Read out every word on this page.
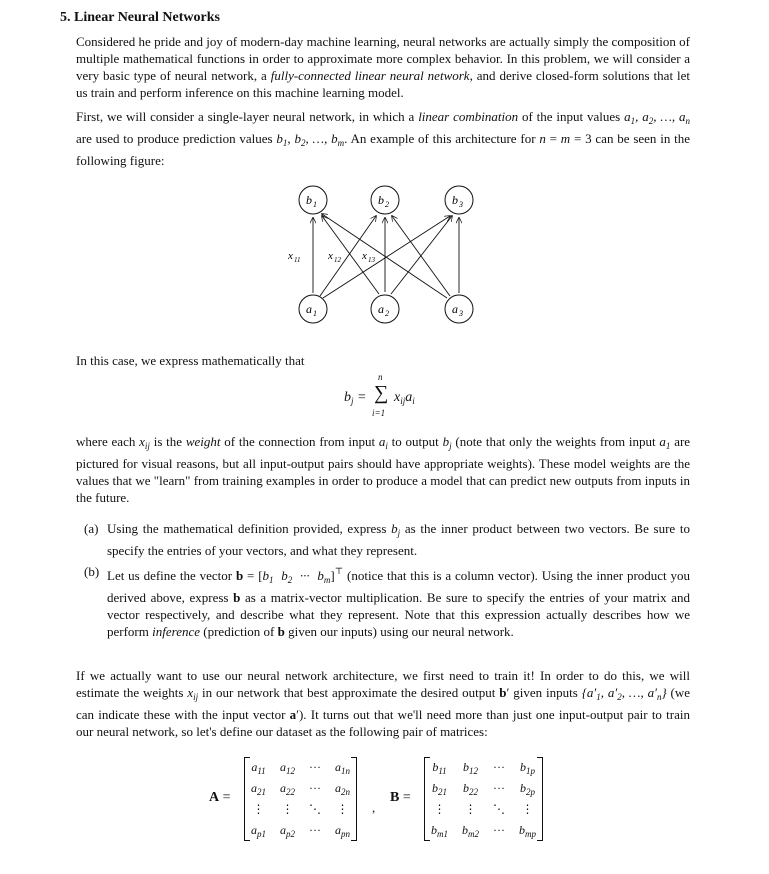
5. Linear Neural Networks

Considered he pride and joy of modern-day machine learning, neural networks are actually simply the composition of multiple mathematical functions in order to approximate more complex behavior. In this problem, we will consider a very basic type of neural network, a fully-connected linear neural network, and derive closed-form solutions that let us train and perform inference on this machine learning model.

First, we will consider a single-layer neural network, in which a linear combination of the input values $a_1$, $a_2$, …, $a_n$ are used to produce prediction values $b_1$, $b_2$, …, $b_m$. An example of this architecture for n = m = 3 can be seen in the following figure:

b 1	b 2	b 3
a 1	a 2	a 3
x 11	x 12 x 13

In this case, we express mathematically that

$b_j$ =
n
∑
i=1
$x_{ij}a_i$

where each $x_{ij}$ is the weight of the connection from input $a_i$ to output $b_j$ (note that only the weights from input $a_1$ are pictured for visual reasons, but all input-output pairs should have appropriate weights). These model weights are the values that we "learn" from training examples in order to produce a model that can predict new outputs from inputs in the future.

(a) Using the mathematical definition provided, express $b_j$ as the inner product between two vectors. Be sure to specify the entries of your vectors, and what they represent.
(b) Let us define the vector $b = [b_1$  $b_2$  ···  $b_m]^⊤$ (notice that this is a column vector). Using the inner product you derived above, express b as a matrix-vector multiplication. Be sure to specify the entries of your matrix and vector respectively, and describe what they represent. Note that this expression actually describes how we perform inference (prediction of b given our inputs) using our neural network.

If we actually want to use our neural network architecture, we first need to train it! In order to do this, we will estimate the weights $x_{ij}$ in our network that best approximate the desired output b′ given inputs {$a'_1$, $a'_2$, …, $a'_n$} (we can indicate these with the input vector a′). It turns out that we'll need more than just one input-output pair to train our neural network, so let's define our dataset as the following pair of matrices:

A =
$a_{11}$	$a_{12}$	···	$a_{1n}$
$a_{21}$	$a_{22}$	···	$a_{2n}$
⋮	⋮	⋱	⋮
$a_{p1}$	$a_{p2}$	···	$a_{pn}$
,
B =
$b_{11}$	$b_{12}$	···	$b_{1p}$
$b_{21}$	$b_{22}$	···	$b_{2p}$
⋮	⋮	⋱	⋮
$b_{m1}$	$b_{m2}$	···	$b_{mp}$
